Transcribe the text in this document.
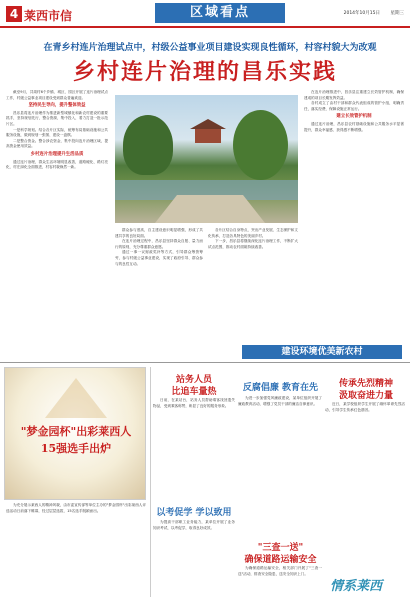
4 莱西市信	区域看点	2014年10月15日 星期三
在青乡村连片治理试点中，村级公益事业项目建设实现良性循环，村容村貌大为改观
乡村连片治理的昌乐实践

截至9月，共周村6个乡镇、城区、园区开展了连片治理试点工作，村级公益事业项目建设受到群众普遍欢迎。

坚持民生导向，提升整体效益

昌乐县将连片治理作为推进新型城镇化和新农村建设的重要抓手，坚持规划先行，整合资源，集中投入，着力打造一批示范片区。

一是科学规划。结合各片区实际，统筹布局基础设施和公共服务设施，做到规划一张图、建设一盘棋。

二是整合资金。整合涉农资金，集中投向连片治理区域，提高资金使用效益。

乡村连片治理提升生活品质

通过连片治理，群众生活环境明显改善，道路硬化、路灯亮化、村庄绿化全面推进，村容村貌焕然一新。

群众参与度高，自主建设意识明显增强，形成了共建共享的良好局面。

在连片治理过程中，昌乐县坚持群众自愿、量力而行的原则，充分尊重群众意愿。

通过一事一议财政奖补等方式，引导群众筹资筹劳，参与村级公益事业建设，实现了政府引导、群众参与的良性互动。

各片区结合自身特点，突出产业发展、生态保护和文化传承，打造各具特色的美丽乡村。

下一步，昌乐县将继续深化连片治理工作，不断扩大试点范围，推动农村面貌持续改善。

在连片治理推进中，昌乐县注重建立长效管护机制，确保建成的项目长期发挥效益。

各村成立了由村干部和群众代表组成的管护小组，明确责任，落实经费，保障设施正常运行。

建立长效管护机制

通过连片治理，昌乐县农村基础设施和公共服务水平显著提升，群众幸福感、获得感不断增强。

建设环境优美新农村
"梦金园杯"出彩莱西人
15强选手出炉

为充分展示莱西人的精神风貌，由市委宣传部等单位主办的"梦金园杯"出彩莱西人评选活动日前落下帷幕，经过层层选拔，15名选手脱颖而出。

站务人员
比追车量热

日前，在某站台，站务人员帮助乘客找回遗失物品，受到乘客称赞，彰显了良好的服务形象。

反腐倡廉 教育在先

为进一步加强党风廉政建设，某单位组织开展了廉政教育活动，增强了党员干部的廉洁自律意识。

传承先烈精神
汲取奋进力量

近日，某学校组织学生开展了缅怀革命先烈活动，引导学生传承红色基因。

以考促学 学以致用

为提高干部职工业务能力，某单位开展了业务知识考试，以考促学，取得良好成效。

"三查一送"
确保道路运输安全

为确保道路运输安全，相关部门开展了"三查一送"活动，排查安全隐患，送安全知识上门。

情系莱西
